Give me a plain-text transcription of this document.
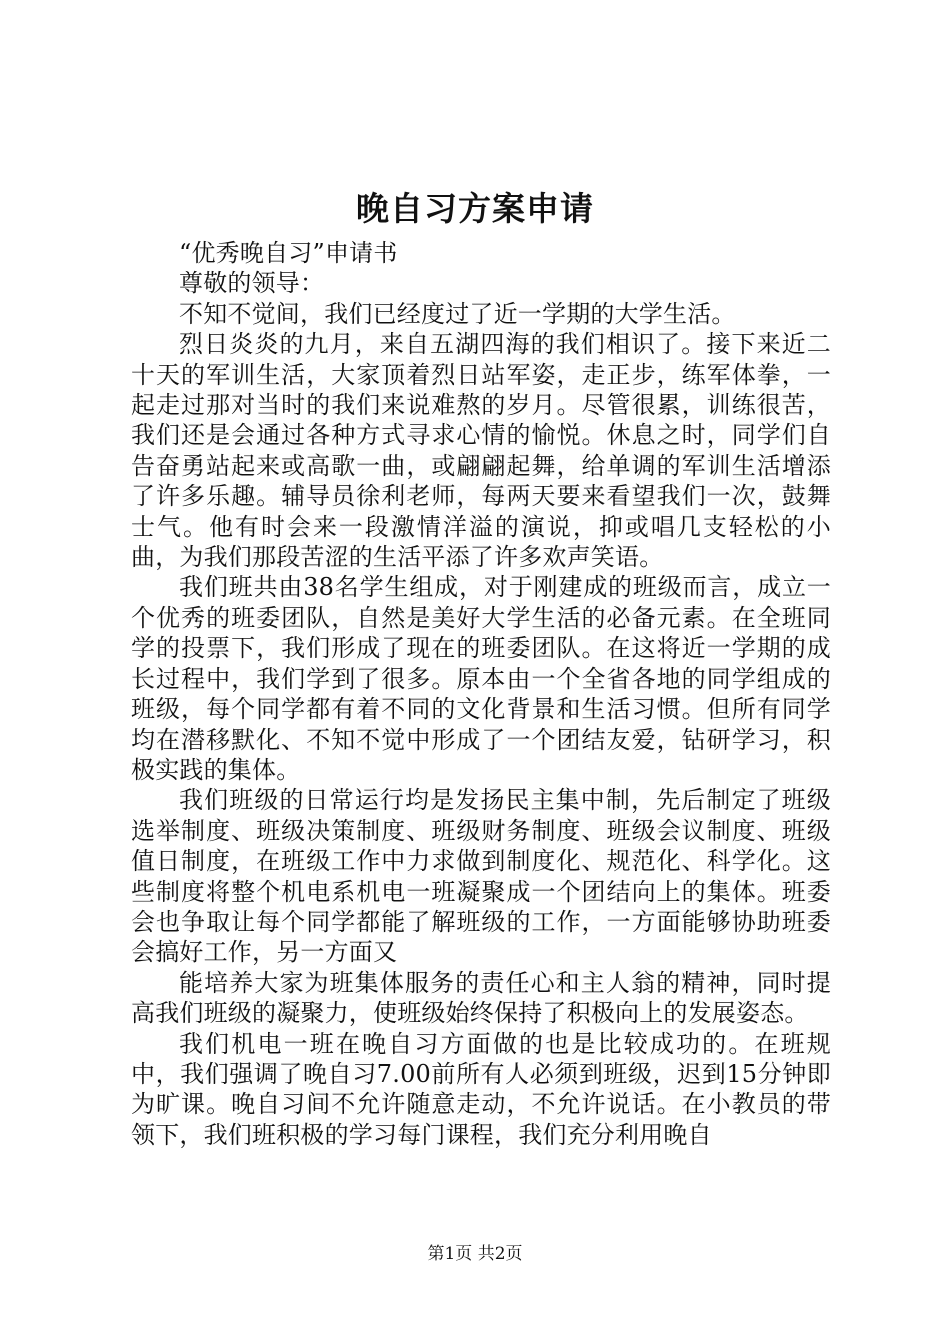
晚自习方案申请

“优秀晚自习”申请书

尊敬的领导：

不知不觉间，我们已经度过了近一学期的大学生活。

烈日炎炎的九月，来自五湖四海的我们相识了。接下来近二十天的军训生活，大家顶着烈日站军姿，走正步，练军体拳，一起走过那对当时的我们来说难熬的岁月。尽管很累，训练很苦，我们还是会通过各种方式寻求心情的愉悦。休息之时，同学们自告奋勇站起来或高歌一曲，或翩翩起舞，给单调的军训生活增添了许多乐趣。辅导员徐利老师，每两天要来看望我们一次，鼓舞士气。他有时会来一段激情洋溢的演说，抑或唱几支轻松的小曲，为我们那段苦涩的生活平添了许多欢声笑语。

我们班共由38名学生组成，对于刚建成的班级而言，成立一个优秀的班委团队，自然是美好大学生活的必备元素。在全班同学的投票下，我们形成了现在的班委团队。在这将近一学期的成长过程中，我们学到了很多。原本由一个全省各地的同学组成的班级，每个同学都有着不同的文化背景和生活习惯。但所有同学均在潜移默化、不知不觉中形成了一个团结友爱，钻研学习，积极实践的集体。

我们班级的日常运行均是发扬民主集中制，先后制定了班级选举制度、班级决策制度、班级财务制度、班级会议制度、班级值日制度，在班级工作中力求做到制度化、规范化、科学化。这些制度将整个机电系机电一班凝聚成一个团结向上的集体。班委会也争取让每个同学都能了解班级的工作，一方面能够协助班委会搞好工作，另一方面又

能培养大家为班集体服务的责任心和主人翁的精神，同时提高我们班级的凝聚力，使班级始终保持了积极向上的发展姿态。

我们机电一班在晚自习方面做的也是比较成功的。在班规中，我们强调了晚自习7.00前所有人必须到班级，迟到15分钟即为旷课。晚自习间不允许随意走动，不允许说话。在小教员的带领下，我们班积极的学习每门课程，我们充分利用晚自

第1页 共2页
